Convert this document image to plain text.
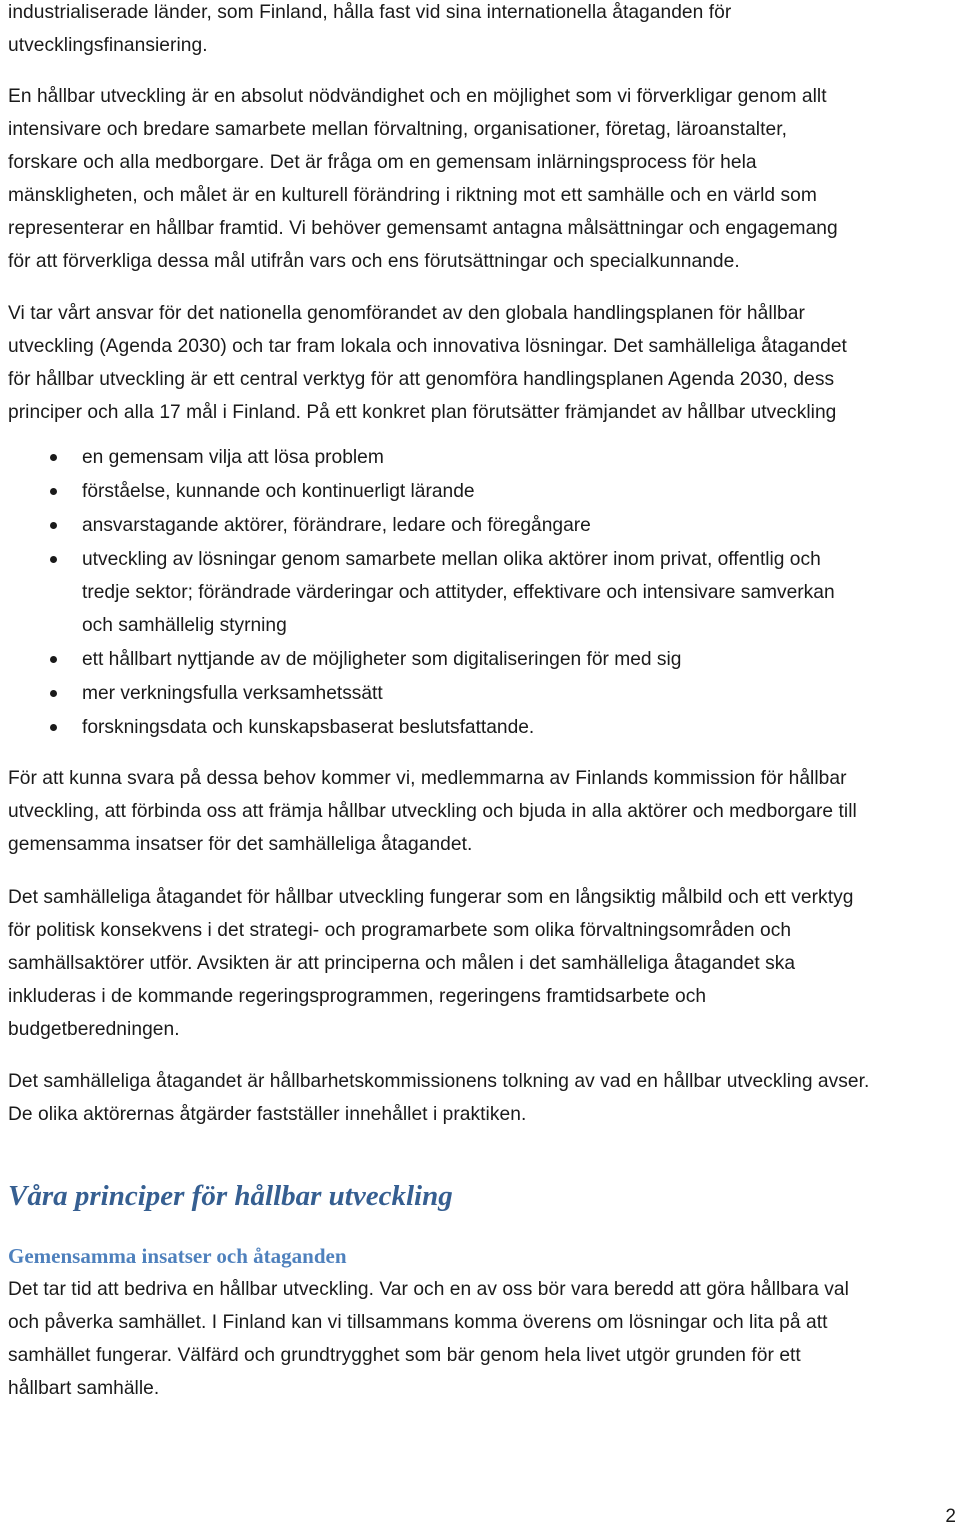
industrialiserade länder, som Finland, hålla fast vid sina internationella åtaganden för

utvecklingsfinansiering.

En hållbar utveckling är en absolut nödvändighet och en möjlighet som vi förverkligar genom allt

intensivare och bredare samarbete mellan förvaltning, organisationer, företag, läroanstalter,

forskare och alla medborgare. Det är fråga om en gemensam inlärningsprocess för hela

mänskligheten, och målet är en kulturell förändring i riktning mot ett samhälle och en värld som

representerar en hållbar framtid. Vi behöver gemensamt antagna målsättningar och engagemang

för att förverkliga dessa mål utifrån vars och ens förutsättningar och specialkunnande.

Vi tar vårt ansvar för det nationella genomförandet av den globala handlingsplanen för hållbar

utveckling (Agenda 2030) och tar fram lokala och innovativa lösningar. Det samhälleliga åtagandet

för hållbar utveckling är ett central verktyg för att genomföra handlingsplanen Agenda 2030, dess

principer och alla 17 mål i Finland. På ett konkret plan förutsätter främjandet av hållbar utveckling

en gemensam vilja att lösa problem
förståelse, kunnande och kontinuerligt lärande
ansvarstagande aktörer, förändrare, ledare och föregångare
utveckling av lösningar genom samarbete mellan olika aktörer inom privat, offentlig och
tredje sektor; förändrade värderingar och attityder, effektivare och intensivare samverkan
och samhällelig styrning
ett hållbart nyttjande av de möjligheter som digitaliseringen för med sig
mer verkningsfulla verksamhetssätt
forskningsdata och kunskapsbaserat beslutsfattande.

För att kunna svara på dessa behov kommer vi, medlemmarna av Finlands kommission för hållbar

utveckling, att förbinda oss att främja hållbar utveckling och bjuda in alla aktörer och medborgare till

gemensamma insatser för det samhälleliga åtagandet.

Det samhälleliga åtagandet för hållbar utveckling fungerar som en långsiktig målbild och ett verktyg

för politisk konsekvens i det strategi- och programarbete som olika förvaltningsområden och

samhällsaktörer utför. Avsikten är att principerna och målen i det samhälleliga åtagandet ska

inkluderas i de kommande regeringsprogrammen, regeringens framtidsarbete och

budgetberedningen.

Det samhälleliga åtagandet är hållbarhetskommissionens tolkning av vad en hållbar utveckling avser.

De olika aktörernas åtgärder fastställer innehållet i praktiken.

Våra principer för hållbar utveckling
Gemensamma insatser och åtaganden

Det tar tid att bedriva en hållbar utveckling. Var och en av oss bör vara beredd att göra hållbara val

och påverka samhället. I Finland kan vi tillsammans komma överens om lösningar och lita på att

samhället fungerar. Välfärd och grundtrygghet som bär genom hela livet utgör grunden för ett

hållbart samhälle.

2
